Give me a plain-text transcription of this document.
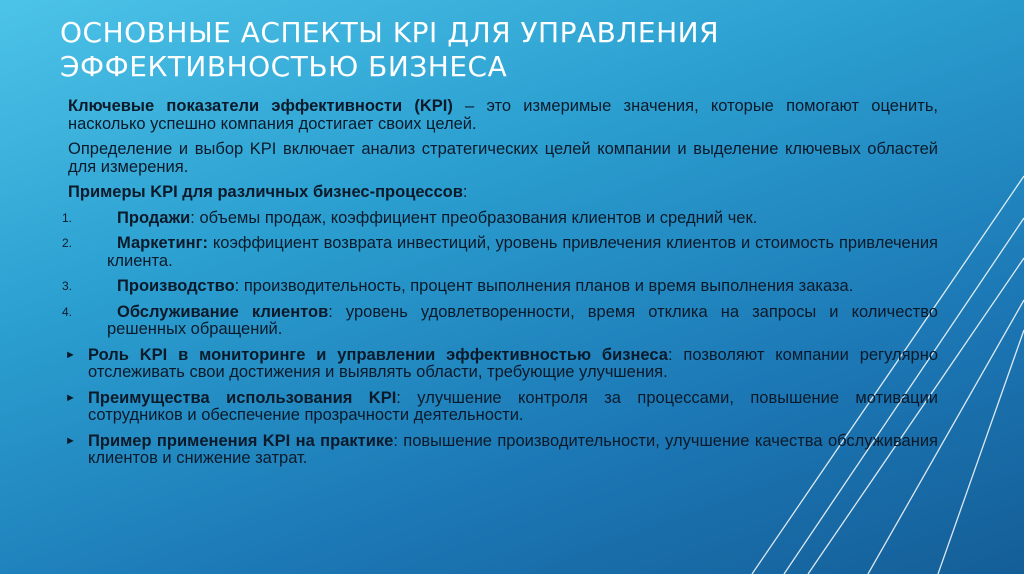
ОСНОВНЫЕ АСПЕКТЫ KPI ДЛЯ УПРАВЛЕНИЯ ЭФФЕКТИВНОСТЬЮ БИЗНЕСА

Ключевые показатели эффективности (KPI) – это измеримые значения, которые помогают оценить, насколько успешно компания достигает своих целей.

Определение и выбор KPI включает анализ стратегических целей компании и выделение ключевых областей для измерения.

Примеры KPI для различных бизнес-процессов:

1.	Продажи: объемы продаж, коэффициент преобразования клиентов и средний чек.
2.	Маркетинг: коэффициент возврата инвестиций, уровень привлечения клиентов и стоимость привлечения клиента.
3.	Производство: производительность, процент выполнения планов и время выполнения заказа.
4.	Обслуживание клиентов: уровень удовлетворенности, время отклика на запросы и количество решенных обращений.
► Роль KPI в мониторинге и управлении эффективностью бизнеса: позволяют компании регулярно отслеживать свои достижения и выявлять области, требующие улучшения.
► Преимущества использования KPI: улучшение контроля за процессами, повышение мотивации сотрудников и обеспечение прозрачности деятельности.
► Пример применения KPI на практике: повышение производительности, улучшение качества обслуживания клиентов и снижение затрат.
